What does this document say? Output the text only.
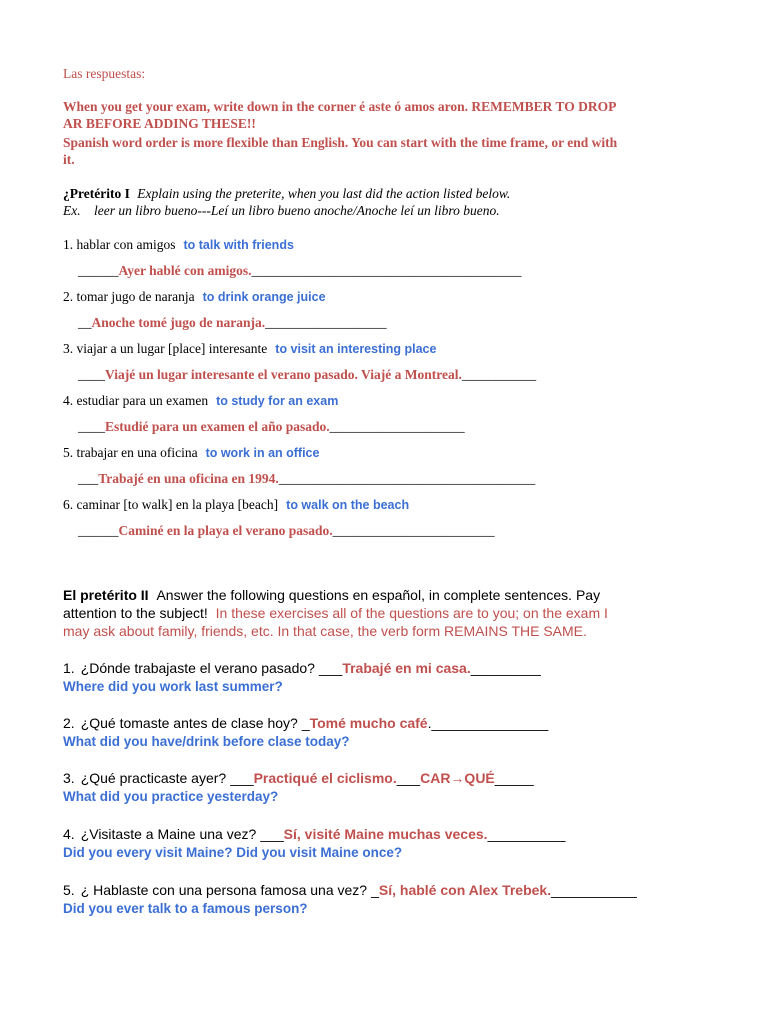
Las respuestas:
When you get your exam, write down in the corner é aste ó amos aron. REMEMBER TO DROP
AR BEFORE ADDING THESE!!
Spanish word order is more flexible than English. You can start with the time frame, or end with
it.
¿Pretérito I Explain using the preterite, when you last did the action listed below.
Ex. leer un libro bueno---Leí un libro bueno anoche/Anoche leí un libro bueno.
1. hablar con amigos to talk with friends
______Ayer hablé con amigos.________________________________________
2. tomar jugo de naranja to drink orange juice
__Anoche tomé jugo de naranja.__________________
3. viajar a un lugar [place] interesante to visit an interesting place
____Viajé un lugar interesante el verano pasado. Viajé a Montreal.___________
4. estudiar para un examen to study for an exam
____Estudié para un examen el año pasado.____________________
5. trabajar en una oficina to work in an office
___Trabajé en una oficina en 1994.______________________________________
6. caminar [to walk] en la playa [beach] to walk on the beach
______Caminé en la playa el verano pasado.________________________
El pretérito II Answer the following questions en español, in complete sentences. Pay
attention to the subject! In these exercises all of the questions are to you; on the exam I
may ask about family, friends, etc. In that case, the verb form REMAINS THE SAME.
1. ¿Dónde trabajaste el verano pasado? ___Trabajé en mi casa._________
Where did you work last summer?
2. ¿Qué tomaste antes de clase hoy? _Tomé mucho café._______________
What did you have/drink before clase today?
3. ¿Qué practicaste ayer? ___Practiqué el ciclismo.___CAR→QUÉ_____
What did you practice yesterday?
4. ¿Visitaste a Maine una vez? ___Sí, visité Maine muchas veces.__________
Did you every visit Maine? Did you visit Maine once?
5. ¿ Hablaste con una persona famosa una vez? _Sí, hablé con Alex Trebek.___________
Did you ever talk to a famous person?
